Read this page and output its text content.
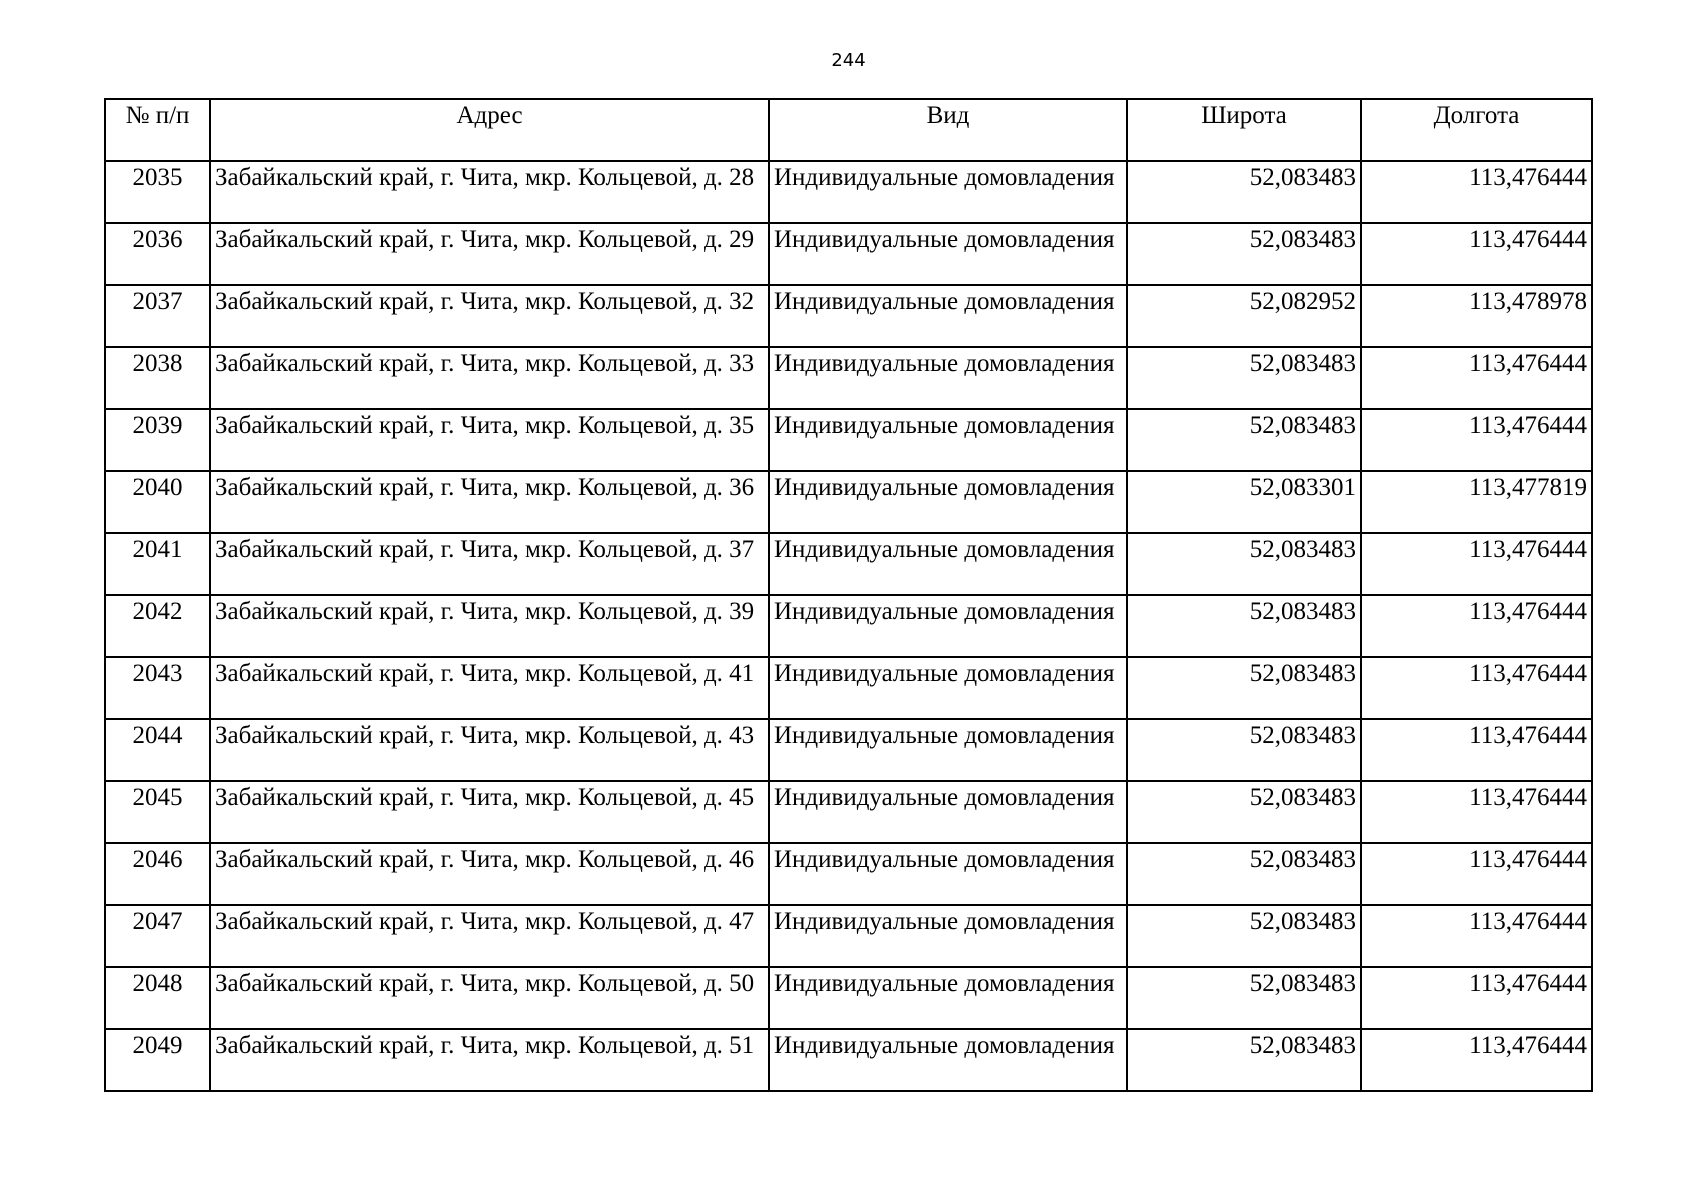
244
№ п/п	Адрес	Вид	Широта	Долгота
2035	Забайкальский край, г. Чита, мкр. Кольцевой, д. 28	Индивидуальные домовладения	52,083483	113,476444
2036	Забайкальский край, г. Чита, мкр. Кольцевой, д. 29	Индивидуальные домовладения	52,083483	113,476444
2037	Забайкальский край, г. Чита, мкр. Кольцевой, д. 32	Индивидуальные домовладения	52,082952	113,478978
2038	Забайкальский край, г. Чита, мкр. Кольцевой, д. 33	Индивидуальные домовладения	52,083483	113,476444
2039	Забайкальский край, г. Чита, мкр. Кольцевой, д. 35	Индивидуальные домовладения	52,083483	113,476444
2040	Забайкальский край, г. Чита, мкр. Кольцевой, д. 36	Индивидуальные домовладения	52,083301	113,477819
2041	Забайкальский край, г. Чита, мкр. Кольцевой, д. 37	Индивидуальные домовладения	52,083483	113,476444
2042	Забайкальский край, г. Чита, мкр. Кольцевой, д. 39	Индивидуальные домовладения	52,083483	113,476444
2043	Забайкальский край, г. Чита, мкр. Кольцевой, д. 41	Индивидуальные домовладения	52,083483	113,476444
2044	Забайкальский край, г. Чита, мкр. Кольцевой, д. 43	Индивидуальные домовладения	52,083483	113,476444
2045	Забайкальский край, г. Чита, мкр. Кольцевой, д. 45	Индивидуальные домовладения	52,083483	113,476444
2046	Забайкальский край, г. Чита, мкр. Кольцевой, д. 46	Индивидуальные домовладения	52,083483	113,476444
2047	Забайкальский край, г. Чита, мкр. Кольцевой, д. 47	Индивидуальные домовладения	52,083483	113,476444
2048	Забайкальский край, г. Чита, мкр. Кольцевой, д. 50	Индивидуальные домовладения	52,083483	113,476444
2049	Забайкальский край, г. Чита, мкр. Кольцевой, д. 51	Индивидуальные домовладения	52,083483	113,476444
